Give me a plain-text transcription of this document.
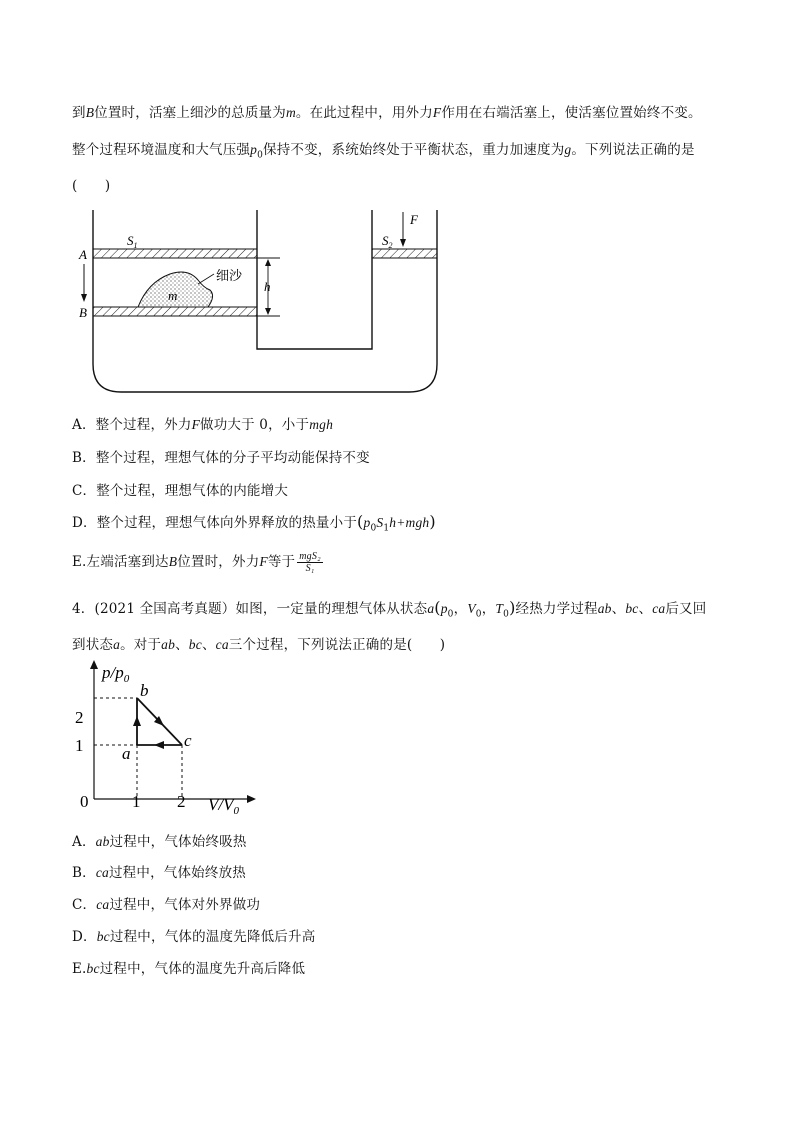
到B位置时，活塞上细沙的总质量为m。在此过程中，用外力F作用在右端活塞上，使活塞位置始终不变。
整个过程环境温度和大气压强$p_0$保持不变，系统始终处于平衡状态，重力加速度为g。下列说法正确的是
(　　)
$S_1$	$S_2$
F
A
B
m
细沙
h
A．整个过程，外力F做功大于 0，小于mgh
B．整个过程，理想气体的分子平均动能保持不变
C．整个过程，理想气体的内能增大
D．整个过程，理想气体向外界释放的热量小于$(p_0S_1h+mgh)$
E.左端活塞到达B位置时，外力F等于 $\frac{\text{mgS₂}}{\text{S₁}}$
4．(2021 全国高考真题）如图，一定量的理想气体从状态$a(p_0$，$V_0$，$T_0$)经热力学过程ab、bc、ca后又回
到状态a。对于ab、bc、ca三个过程，下列说法正确的是(　　)
$p/p_0$
$V/V_0$
0	1 2
1
2
a
b
c
A．ab过程中，气体始终吸热
B．ca过程中，气体始终放热
C．ca过程中，气体对外界做功
D．bc过程中，气体的温度先降低后升高
E.bc过程中，气体的温度先升高后降低
